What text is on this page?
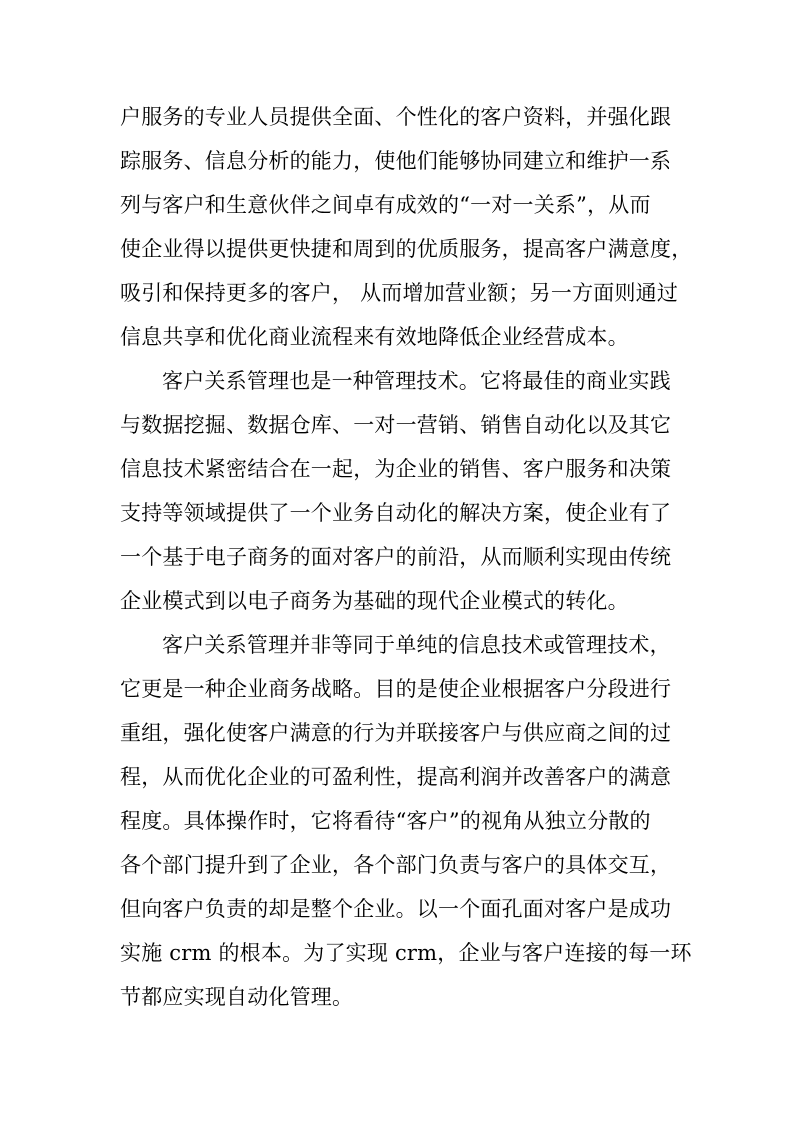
户服务的专业人员提供全面、个性化的客户资料，并强化跟
踪服务、信息分析的能力，使他们能够协同建立和维护一系
列与客户和生意伙伴之间卓有成效的“一对一关系”，从而
使企业得以提供更快捷和周到的优质服务，提高客户满意度，
吸引和保持更多的客户， 从而增加营业额；另一方面则通过
信息共享和优化商业流程来有效地降低企业经营成本。
客户关系管理也是一种管理技术。它将最佳的商业实践
与数据挖掘、数据仓库、一对一营销、销售自动化以及其它
信息技术紧密结合在一起，为企业的销售、客户服务和决策
支持等领域提供了一个业务自动化的解决方案，使企业有了
一个基于电子商务的面对客户的前沿，从而顺利实现由传统
企业模式到以电子商务为基础的现代企业模式的转化。
客户关系管理并非等同于单纯的信息技术或管理技术，
它更是一种企业商务战略。目的是使企业根据客户分段进行
重组，强化使客户满意的行为并联接客户与供应商之间的过
程，从而优化企业的可盈利性，提高利润并改善客户的满意
程度。具体操作时，它将看待“客户”的视角从独立分散的
各个部门提升到了企业，各个部门负责与客户的具体交互，
但向客户负责的却是整个企业。以一个面孔面对客户是成功
实施 crm 的根本。为了实现 crm，企业与客户连接的每一环
节都应实现自动化管理。
